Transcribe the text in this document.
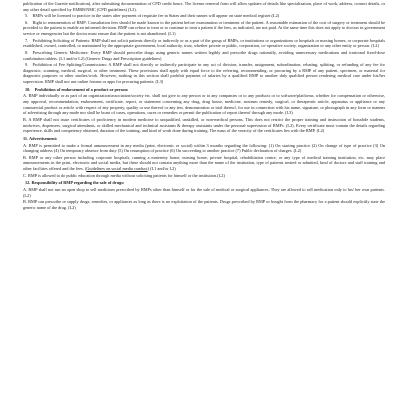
publication of the Gazette notification), after submitting documentation of CPD credit hours. The license renewal form will allow updates of details like specialization, place of work, address, contact details, or any other detail specified by EMRB/NMC (CPD guidelines) (L2).

5. RMPs will be licensed to practice in the states after payment of requisite fee in States and their names will appear on state medical register.(L2)

6. Right to remuneration of RMP: Consultation fees should be made known to the patient before examination or treatment of the patient. A reasonable estimation of the cost of surgery or treatment should be provided to the patient to enable an informed decision. RMP can refuse to treat or to continue to treat a patient if the fees, as indicated, are not paid. At the same time this does not apply to doctors in government service or emergencies but the doctor must ensure that the patient is not abandoned. (L1)

7. Prohibiting Soliciting of Patients: RMP shall not solicit patients directly or indirectly or as a part of the group of RMPs, or institutions or organizations or hospitals or nursing homes, or corporate hospitals established, owned, controlled, or maintained by the appropriate government, local authority, trust, whether private or public, corporation, co-operative society, organization or any other entity or person. (L2)

8. Prescribing Generic Medicines: Every RMP should prescribe drugs using generic names written legibly and prescribe drugs rationally, avoiding unnecessary medications and irrational fixed-dose combination tablets. (L1 and/or L2) (Generic Drugs and Prescription guidelines)

9. Prohibition of Fee Splitting/Commissions: A RMP shall not directly or indirectly participate in any act of division, transfer, assignment, subordination, rebating, splitting, or refunding of any fee for diagnostic, scanning, medical, surgical, or other treatment. These provisions shall apply with equal force to the referring, recommending, or procuring by a RMP of any patient, specimen, or material for diagnostic purposes or other studies/work. However, nothing in this section shall prohibit payment of salaries by a qualified RMP to another duly qualified person rendering medical care under his/her supervision. RMP shall not use online forums or apps for procuring patients. (L3)

10. Prohibition of endorsement of a product or person:

A. RMP individually or as part of an organization/association/society etc. shall not give to any person or to any companies or to any products or to software/platforms, whether for compensation or otherwise, any approval, recommendation, endorsement, certificate, report, or statement concerning any drug, drug house, medicine, nostrum remedy, surgical, or therapeutic article, apparatus or appliance or any commercial product or article with respect of any property, quality or use thereof or any test, demonstration or trial thereof, for use in connection with his name, signature, or photograph in any form or manner of advertising through any mode nor shall he boast of cases, operations, cures or remedies or permit the publication of report thereof through any mode. (L3)

B. A RMP shall not issue certificates of proficiency in modern medicine to unqualified, unskilled, or non-medical persons. This does not restrict the proper training and instruction of bonafide students, midwives, dispensers, surgical attendants, or skilled mechanical and technical assistants & therapy assistants under the personal supervision of RMPs. (L2). Every certificate must contain the details regarding experience, skills and competency obtained, duration of the training, and kind of work done during training. The mass of the veracity of the certificates lies with the RMP. (L2)

11. Advertisement:

A. RMP is permitted to make a formal announcement in any media (print, electronic or social) within 3 months regarding the following: (1) On starting practice (2) On change of type of practice (3) On changing address (4) On temporary absence from duty (5) On resumption of practice (6) On succeeding to another practice (7) Public declaration of charges. (L2)

B. RMP or any other person including corporate hospitals, running a maternity home, nursing home, private hospital, rehabilitation centre, or any type of medical training institution, etc. may place announcements in the print, electronic and social media, but these should not contain anything more than the name of the institution, type of patients treated or admitted, kind of doctors and staff training and other facilities offered and the fees. (Guidelines on social media conduct) (L1 and/or L2)

C. RMP is allowed to do public education through media without soliciting patients for himself or the institution.(L2)

12. Responsibility of RMP regarding the sale of drugs:

A. RMP shall not run an open shop to sell medicines prescribed by RMPs other than himself or for the sale of medical or surgical appliances. They are allowed to sell medication only to his/ her own patients. (L2)

B. RMP can prescribe or supply drugs, remedies, or appliances as long as there is no exploitation of the patients. Drugs prescribed by RMP or bought from the pharmacy for a patient should explicitly state the generic name of the drug. (L2)
